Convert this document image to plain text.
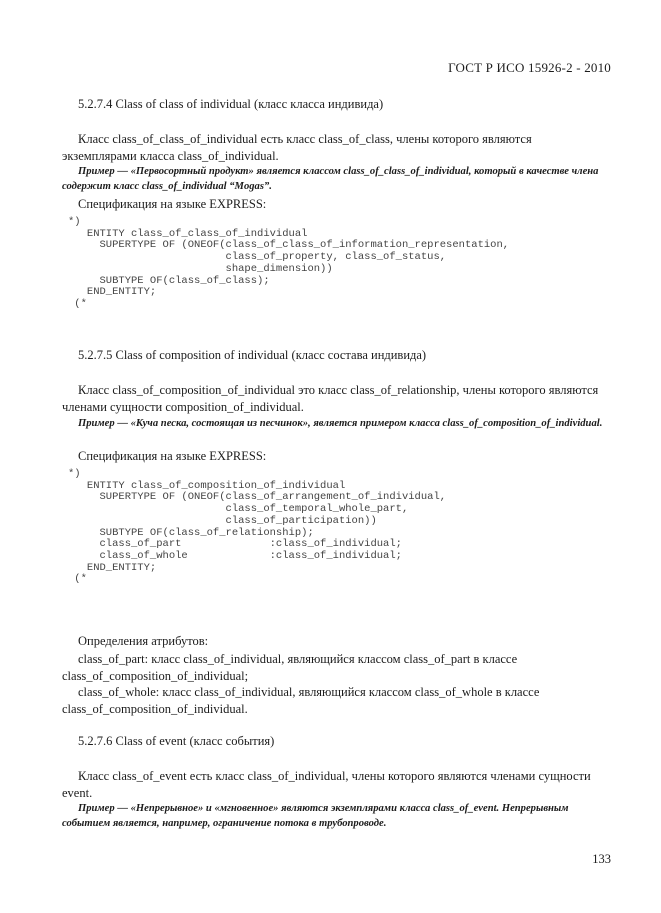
ГОСТ Р ИСО 15926-2 - 2010
5.2.7.4 Class of class of individual (класс класса индивида)
Класс class_of_class_of_individual есть класс class_of_class, члены которого являются экземплярами класса class_of_individual.
Пример — «Первосортный продукт» является классом class_of_class_of_individual, который в качестве члена содержит класс class_of_individual “Mogas”.
Спецификация на языке EXPRESS:
*)
ENTITY class_of_class_of_individual
SUPERTYPE OF (ONEOF(class_of_class_of_information_representation,
class_of_property, class_of_status,
shape_dimension))
SUBTYPE OF(class_of_class);
END_ENTITY;
(*
5.2.7.5 Class of composition of individual (класс состава индивида)
Класс class_of_composition_of_individual это класс class_of_relationship, члены которого являются членами сущности composition_of_individual.
Пример — «Куча песка, состоящая из песчинок», является примером класса class_of_composition_of_individual.
Спецификация на языке EXPRESS:
*)
ENTITY class_of_composition_of_individual
SUPERTYPE OF (ONEOF(class_of_arrangement_of_individual,
class_of_temporal_whole_part,
class_of_participation))
SUBTYPE OF(class_of_relationship);
class_of_part              :class_of_individual;
class_of_whole             :class_of_individual;
END_ENTITY;
(*
Определения атрибутов:
class_of_part: класс class_of_individual, являющийся классом class_of_part в классе class_of_composition_of_individual;
class_of_whole: класс class_of_individual, являющийся классом class_of_whole в классе class_of_composition_of_individual.
5.2.7.6 Class of event (класс события)
Класс class_of_event есть класс class_of_individual, члены которого являются членами сущности event.
Пример — «Непрерывное» и «мгновенное» являются экземплярами класса class_of_event. Непрерывным событием является, например, ограничение потока в трубопроводе.
133
